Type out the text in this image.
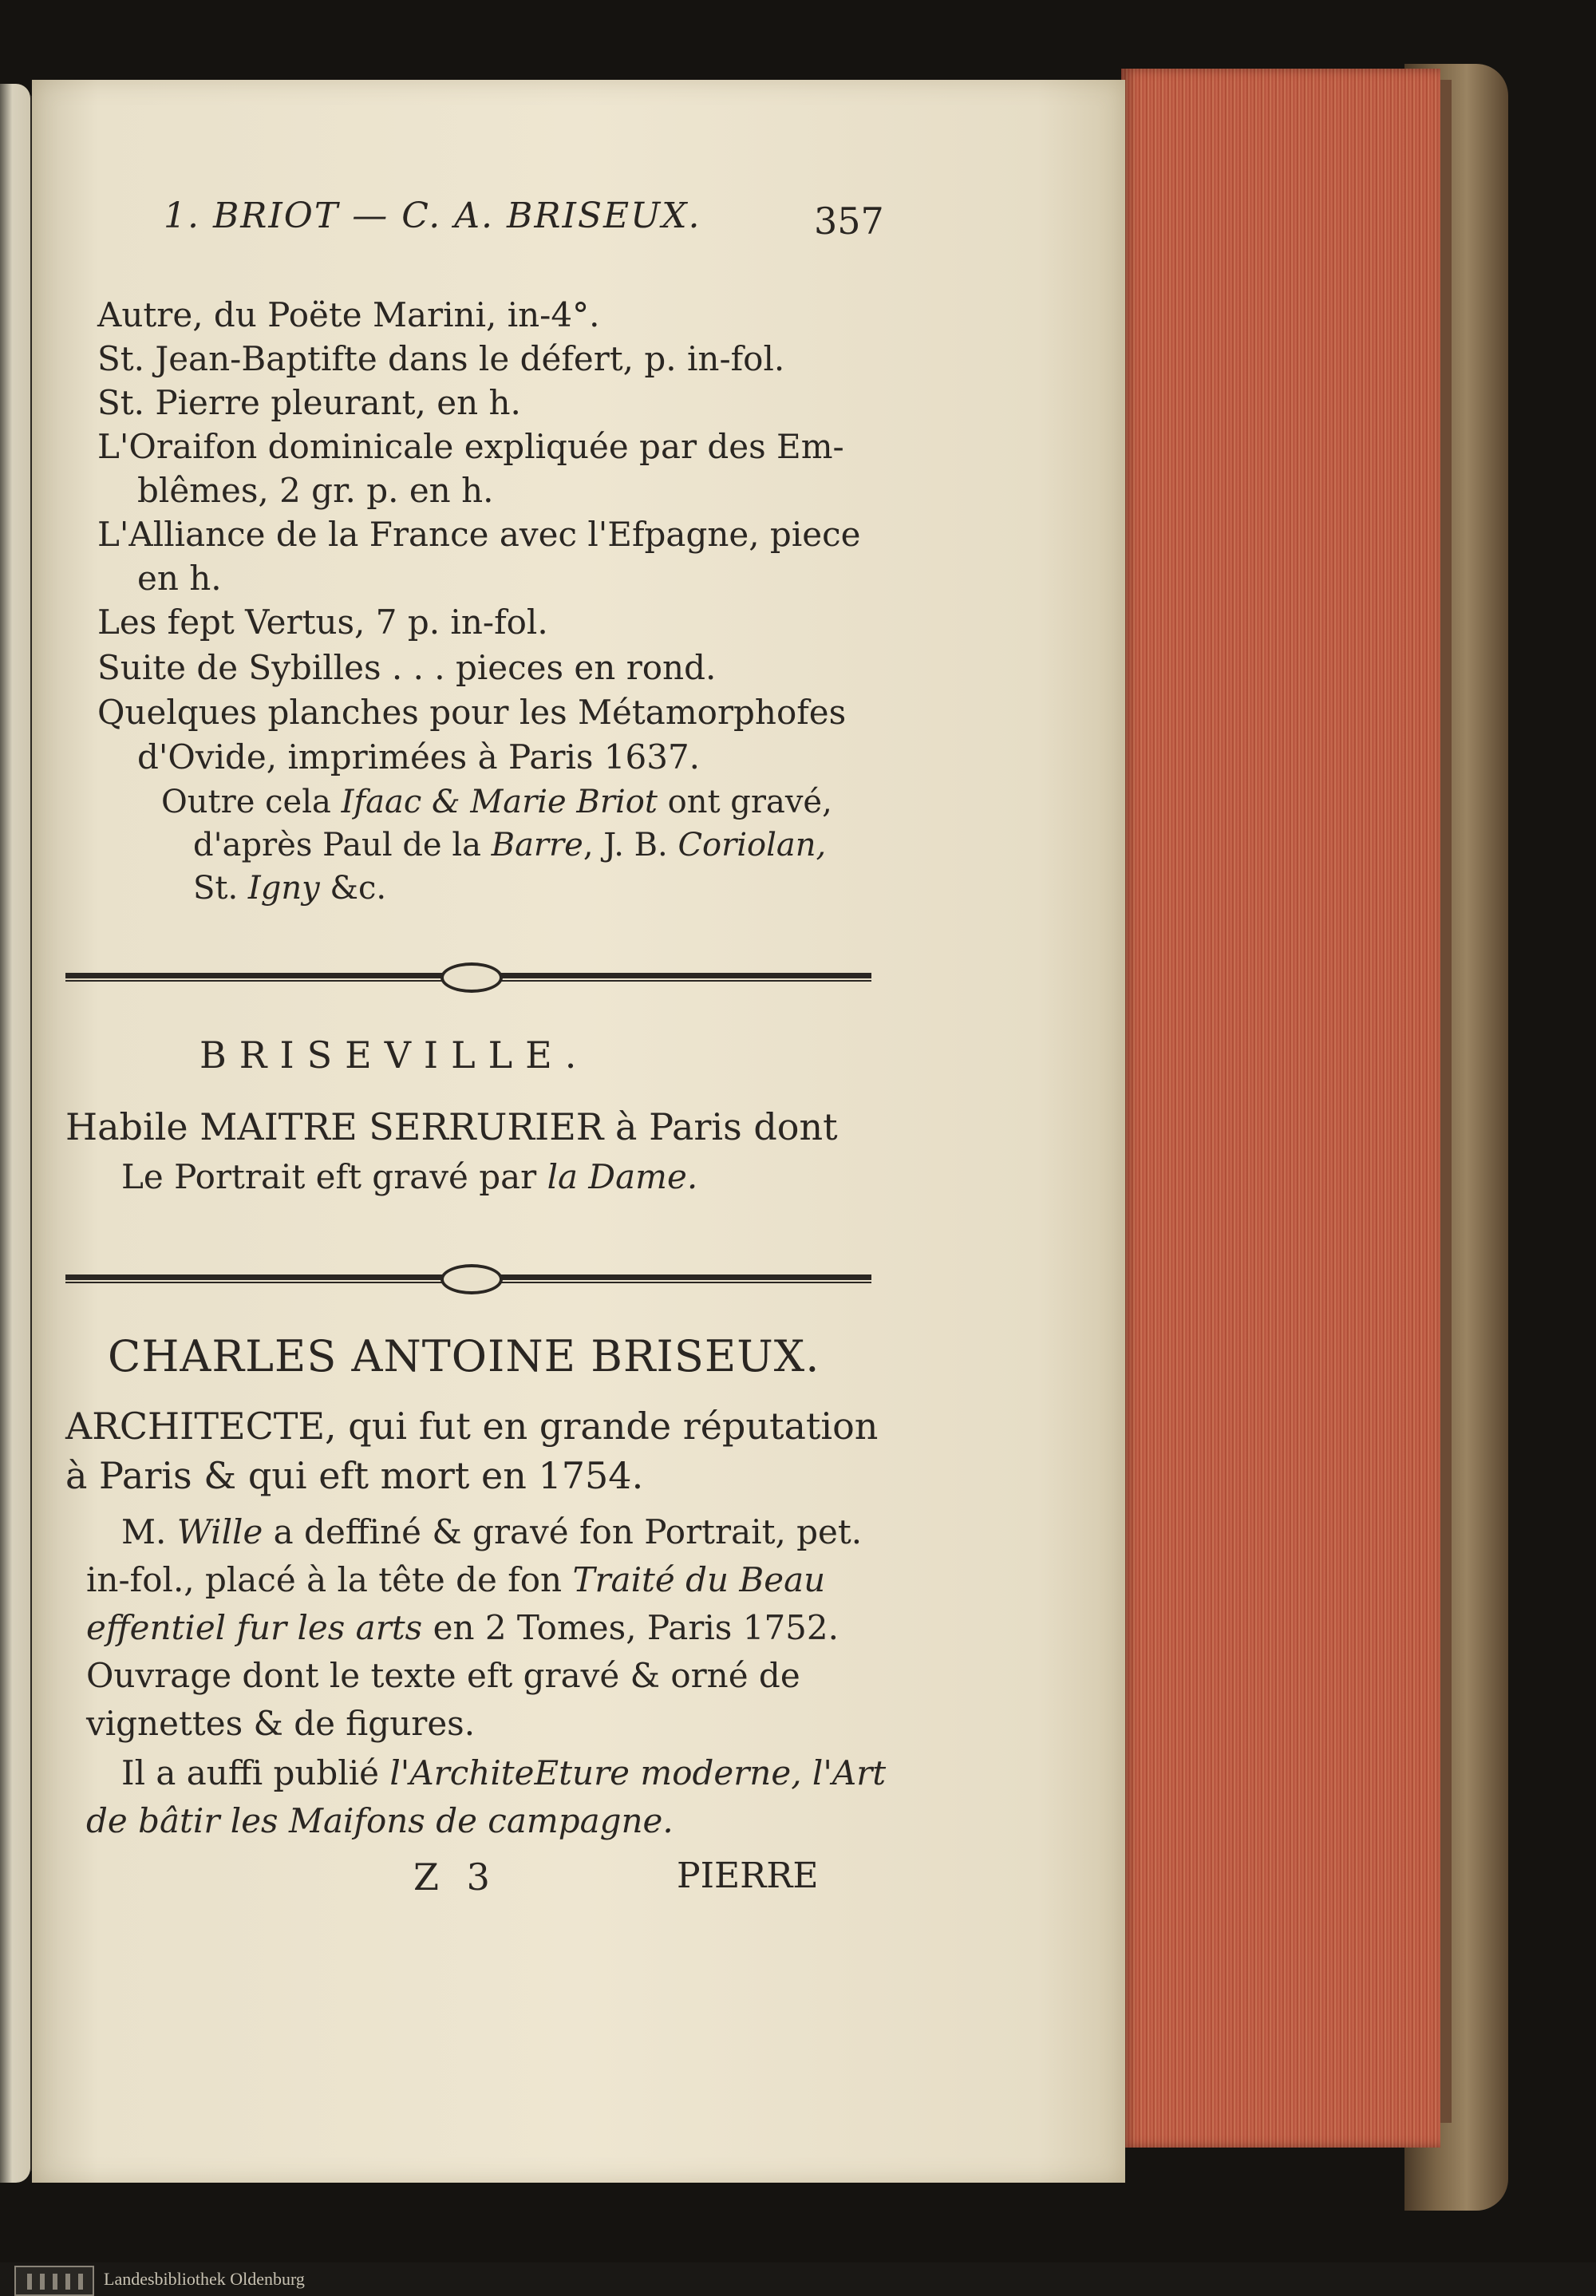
1. BRIOT — C. A. BRISEUX.	357
Autre, du Poëte Marini, in-4°.
St. Jean-Baptifte dans le défert, p. in-fol.
St. Pierre pleurant, en h.
L'Oraifon dominicale expliquée par des Em-
blêmes, 2 gr. p. en h.
L'Alliance de la France avec l'Efpagne, piece
en h.
Les fept Vertus, 7 p. in-fol.
Suite de Sybilles . . . pieces en rond.
Quelques planches pour les Métamorphofes
d'Ovide, imprimées à Paris 1637.
Outre cela Ifaac & Marie Briot ont gravé,
d'après Paul de la Barre, J. B. Coriolan,
St. Igny &c.
BRISEVILLE.
Habile MAITRE SERRURIER à Paris dont
Le Portrait eft gravé par la Dame.
CHARLES ANTOINE BRISEUX.
ARCHITECTE, qui fut en grande réputation
à Paris & qui eft mort en 1754.
M. Wille a deffiné & gravé fon Portrait, pet.
in-fol., placé à la tête de fon Traité du Beau
effentiel fur les arts en 2 Tomes, Paris 1752.
Ouvrage dont le texte eft gravé & orné de
vignettes & de figures.
Il a auffi publié l'ArchiteEture moderne, l'Art
de bâtir les Maifons de campagne.
Z 3	PIERRE
Landesbibliothek Oldenburg
